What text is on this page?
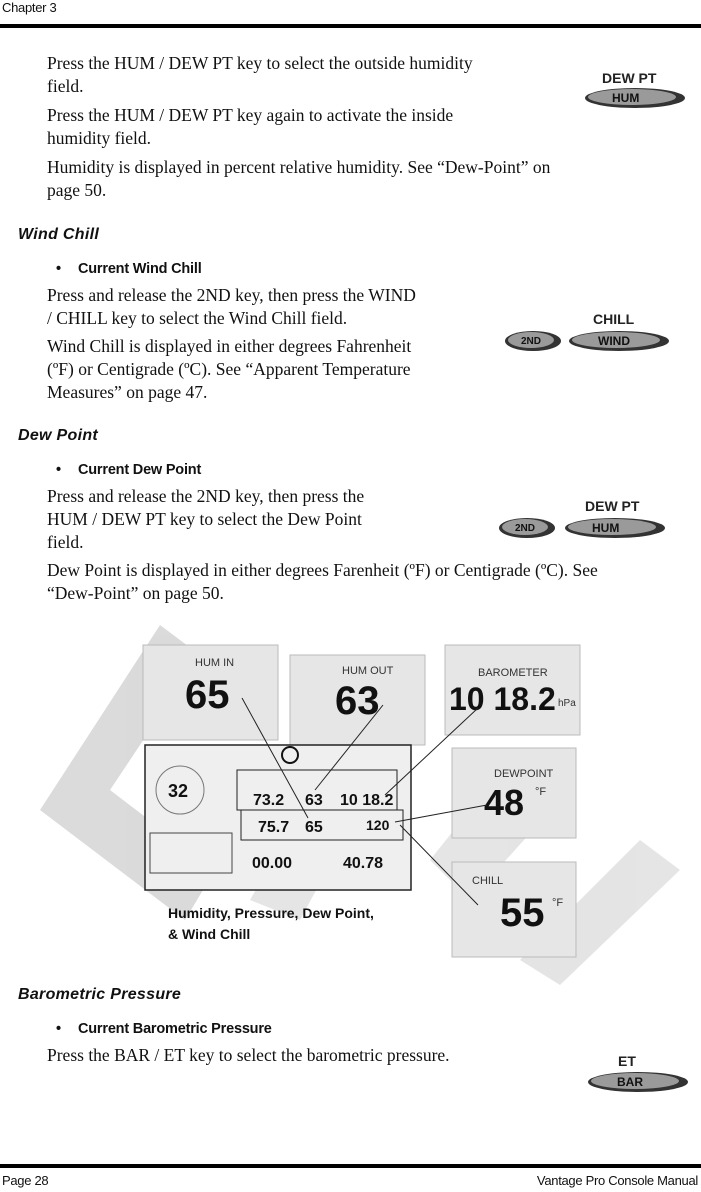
Chapter 3
Press the HUM / DEW PT key to select the outside humidity
field.
Press the HUM / DEW PT key again to activate the inside
humidity field.
Humidity is displayed in percent relative humidity. See “Dew-Point” on
page 50.
DEW PT
HUM
Wind Chill
• Current Wind Chill
Press and release the 2ND key, then press the WIND
/ CHILL key to select the Wind Chill field.
Wind Chill is displayed in either degrees Fahrenheit
(ºF) or Centigrade (ºC). See “Apparent Temperature
Measures” on page 47.
2ND
CHILL
WIND
Dew Point
• Current Dew Point
Press and release the 2ND key, then press the
HUM / DEW PT key to select the Dew Point
field.
Dew Point is displayed in either degrees Farenheit (ºF) or Centigrade (ºC). See
“Dew-Point” on page 50.
2ND
DEW PT
HUM
HUM IN
65
HUM OUT
63
BAROMETER
10 18.2 hPa
DEWPOINT
48 °F
CHILL
55 °F
32	73.2 63 10 18.2
75.7 65	120
00.00	40.78
Humidity, Pressure, Dew Point,
& Wind Chill
Barometric Pressure
• Current Barometric Pressure
Press the BAR / ET key to select the barometric pressure.	ET
BAR
Page 28	Vantage Pro Console Manual
